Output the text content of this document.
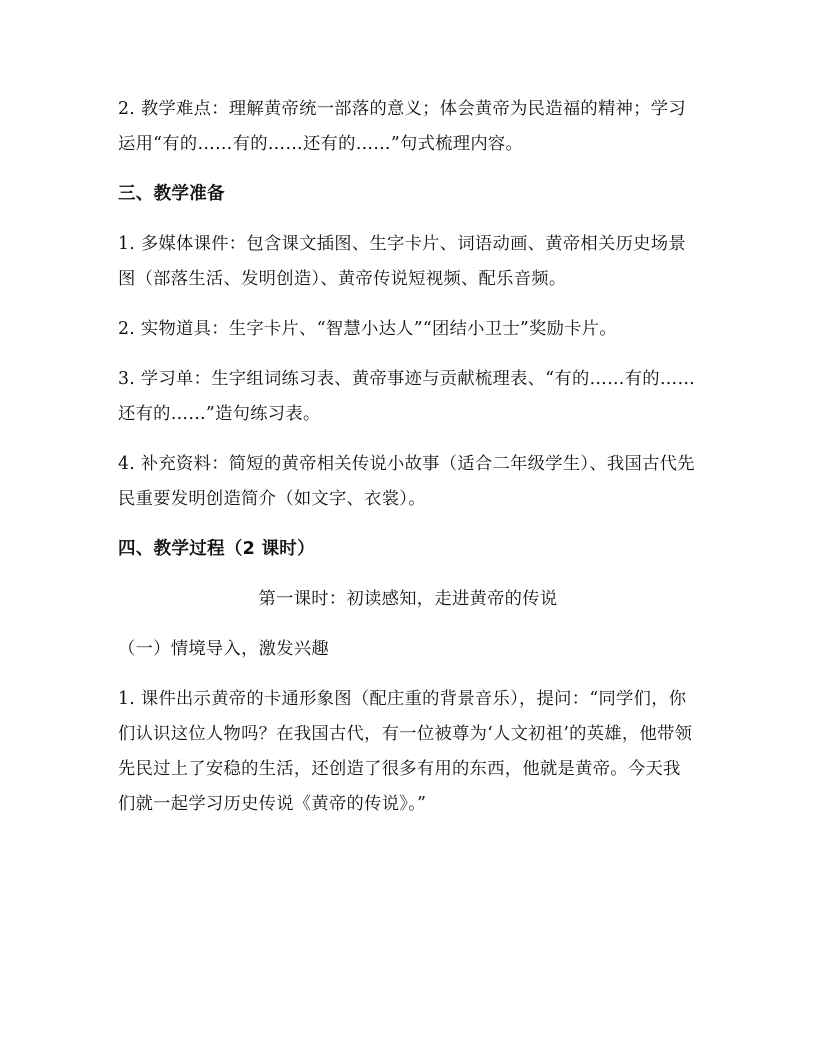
2. 教学难点：理解黄帝统一部落的意义；体会黄帝为民造福的精神；学习运用“有的……有的……还有的……”句式梳理内容。

三、教学准备

1. 多媒体课件：包含课文插图、生字卡片、词语动画、黄帝相关历史场景图（部落生活、发明创造）、黄帝传说短视频、配乐音频。

2. 实物道具：生字卡片、“智慧小达人”“团结小卫士”奖励卡片。

3. 学习单：生字组词练习表、黄帝事迹与贡献梳理表、“有的……有的……还有的……”造句练习表。

4. 补充资料：简短的黄帝相关传说小故事（适合二年级学生）、我国古代先民重要发明创造简介（如文字、衣裳）。

四、教学过程（2 课时）

第一课时：初读感知，走进黄帝的传说

（一）情境导入，激发兴趣

1. 课件出示黄帝的卡通形象图（配庄重的背景音乐），提问：“同学们，你们认识这位人物吗？在我国古代，有一位被尊为‘人文初祖’的英雄，他带领先民过上了安稳的生活，还创造了很多有用的东西，他就是黄帝。今天我们就一起学习历史传说《黄帝的传说》。”
